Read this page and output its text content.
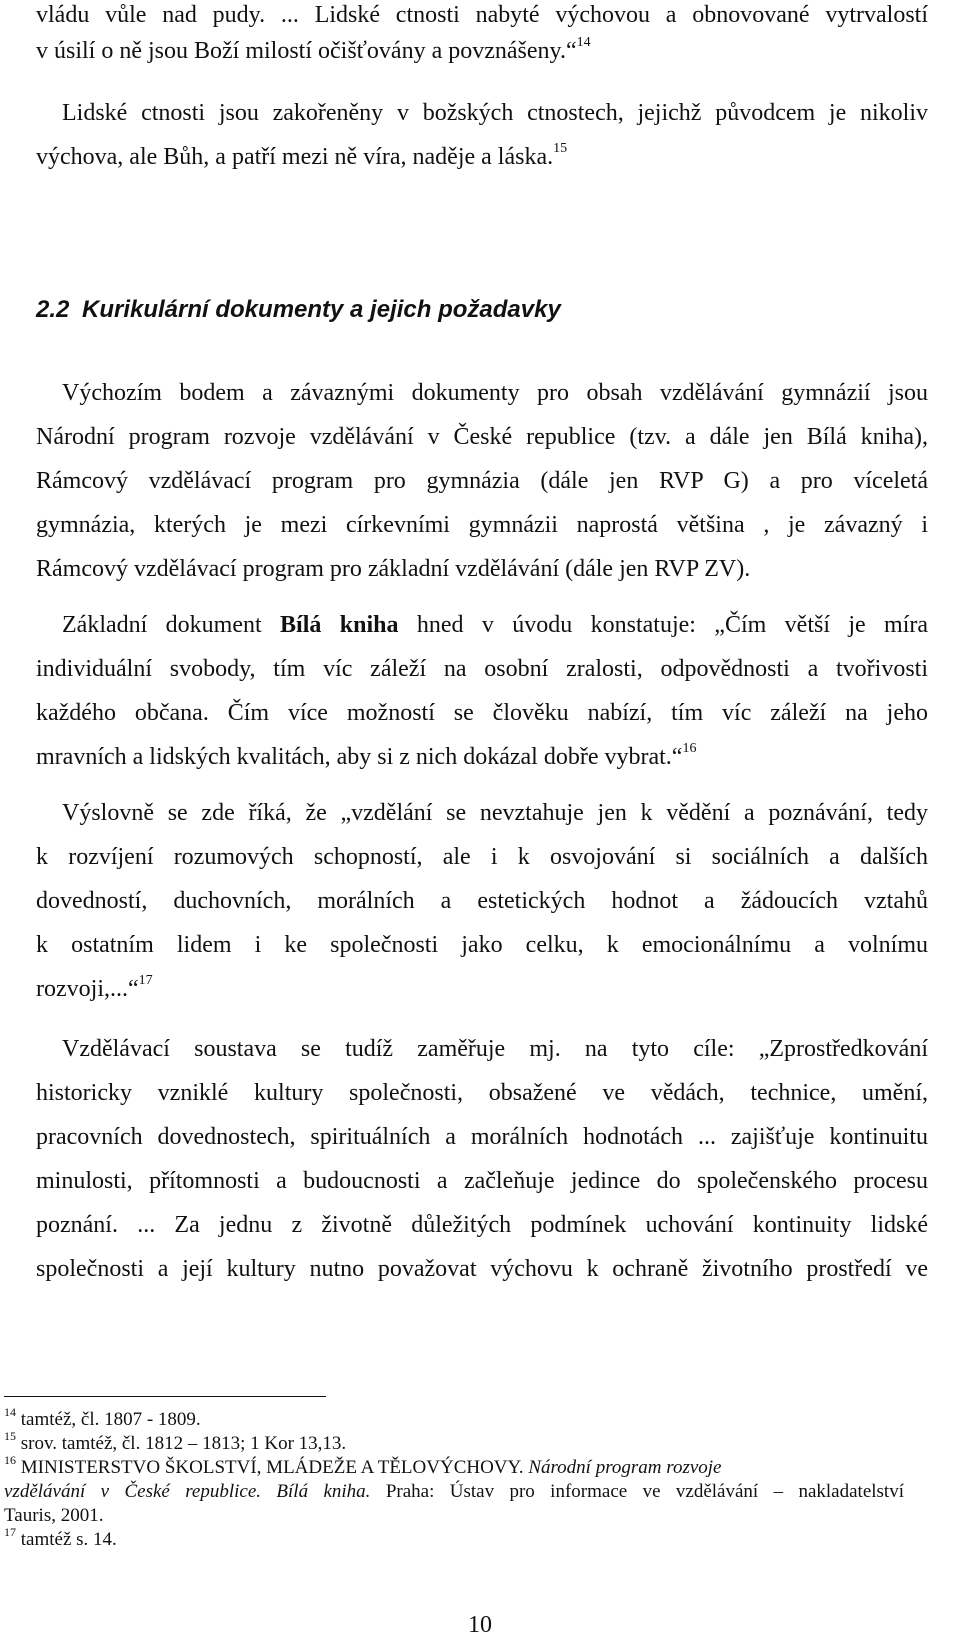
vládu vůle nad pudy. ... Lidské ctnosti nabyté výchovou a obnovované vytrvalostí
v úsilí o ně jsou Boží milostí očišťovány a povznášeny.“$^{14}$
Lidské ctnosti jsou zakořeněny v božských ctnostech, jejichž původcem je nikoliv
výchova, ale Bůh, a patří mezi ně víra, naděje a láska.$^{15}$
2.2 Kurikulární dokumenty a jejich požadavky
Výchozím bodem a závaznými dokumenty pro obsah vzdělávání gymnázií jsou
Národní program rozvoje vzdělávání v České republice (tzv. a dále jen Bílá kniha),
Rámcový vzdělávací program pro gymnázia (dále jen RVP G) a pro víceletá
gymnázia, kterých je mezi církevními gymnázii naprostá většina , je závazný i
Rámcový vzdělávací program pro základní vzdělávání (dále jen RVP ZV).
Základní dokument Bílá kniha hned v úvodu konstatuje: „Čím větší je míra
individuální svobody, tím víc záleží na osobní zralosti, odpovědnosti a tvořivosti
každého občana. Čím více možností se člověku nabízí, tím víc záleží na jeho
mravních a lidských kvalitách, aby si z nich dokázal dobře vybrat.“$^{16}$
Výslovně se zde říká, že „vzdělání se nevztahuje jen k vědění a poznávání, tedy
k rozvíjení rozumových schopností, ale i k osvojování si sociálních a dalších
dovedností, duchovních, morálních a estetických hodnot a žádoucích vztahů
k ostatním lidem i ke společnosti jako celku, k emocionálnímu a volnímu
rozvoji,...“$^{17}$
Vzdělávací soustava se tudíž zaměřuje mj. na tyto cíle: „Zprostředkování
historicky vzniklé kultury společnosti, obsažené ve vědách, technice, umění,
pracovních dovednostech, spirituálních a morálních hodnotách ... zajišťuje kontinuitu
minulosti, přítomnosti a budoucnosti a začleňuje jedince do společenského procesu
poznání. ... Za jednu z životně důležitých podmínek uchování kontinuity lidské
společnosti a její kultury nutno považovat výchovu k ochraně životního prostředí ve
$^{14}$ tamtéž, čl. 1807 - 1809.
$^{15}$ srov. tamtéž, čl. 1812 – 1813; 1 Kor 13,13.
$^{16}$ MINISTERSTVO ŠKOLSTVÍ, MLÁDEŽE A TĚLOVÝCHOVY. Národní program rozvoje
vzdělávání v České republice. Bílá kniha. Praha: Ústav pro informace ve vzdělávání – nakladatelství
Tauris, 2001.
$^{17}$ tamtéž s. 14.
10
